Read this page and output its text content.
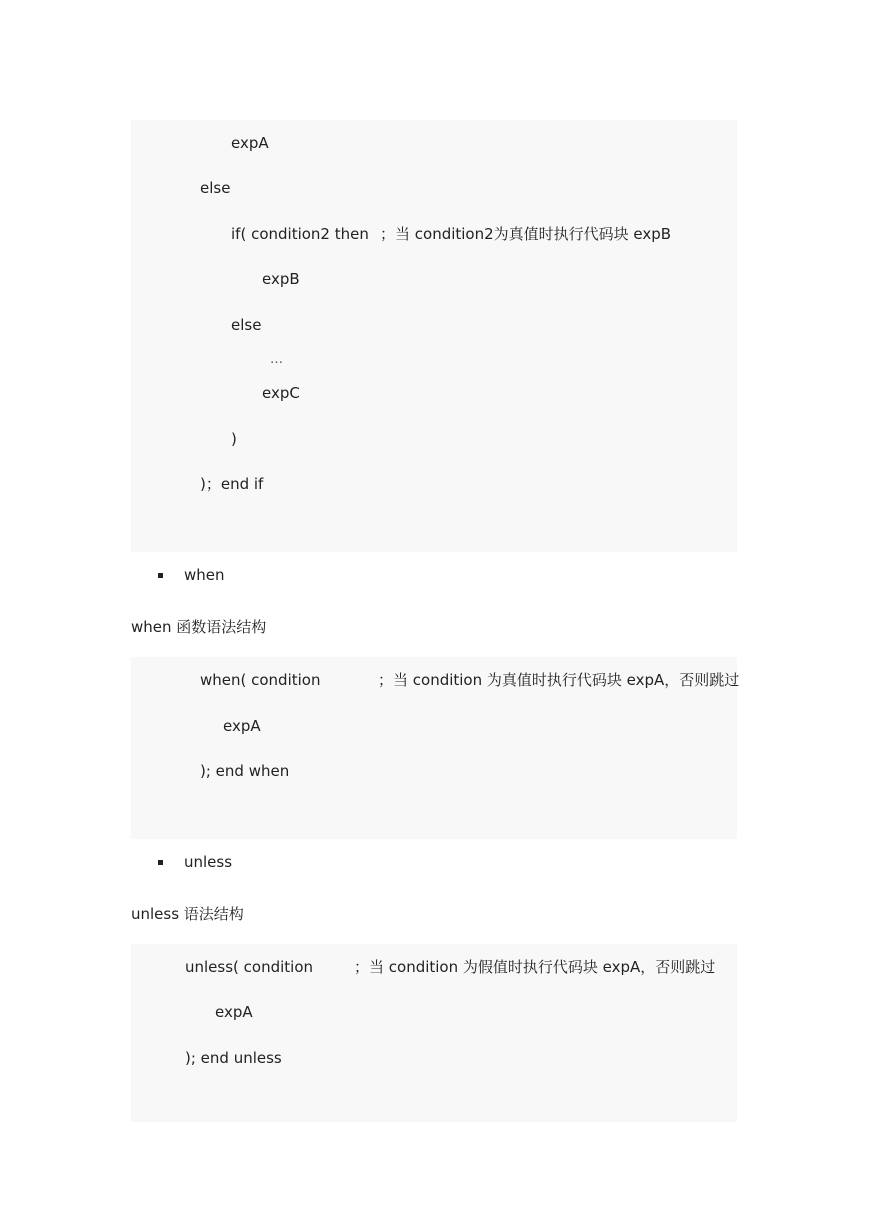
expA
else
if( condition2 then ；当 condition2为真值时执行代码块 expB
expB
else
…
expC
)
)；end if
when
when 函数语法结构
when( condition	；当 condition 为真值时执行代码块 expA，否则跳过
expA
); end when
unless
unless 语法结构
unless( condition	；当 condition 为假值时执行代码块 expA，否则跳过
expA
); end unless
